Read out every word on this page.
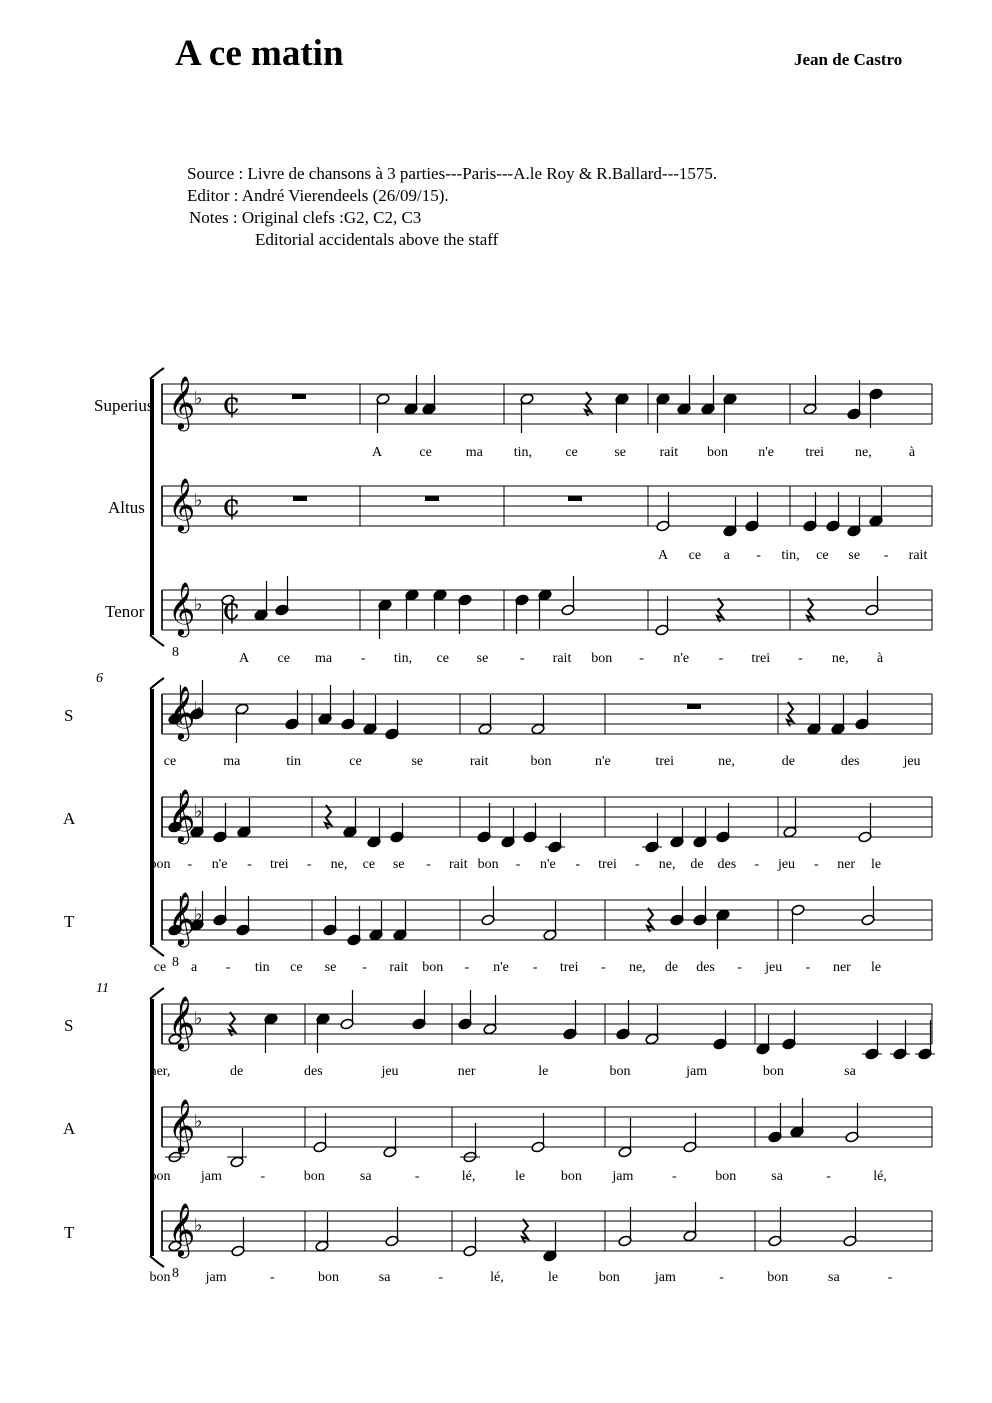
A ce matin	Jean de Castro
Source : Livre de chansons à 3 parties---Paris---A.le Roy & R.Ballard---1575.
Editor : André Vierendeels (26/09/15).
Notes : Original clefs :G2, C2, C3
Editorial accidentals above the staff
𝄞
♭ ¢
Superius
A	ce ma tin, ce	se rait bon n'e trei ne,	à
𝄞
♭ ¢
Altus
A ce a - tin, ce se - rait
𝄞
8
♭ ¢
Tenor
A ce ma - tin, ce se - rait bon - n'e - trei - ne, à
6
𝄞
♭
S
ce	ma	tin	ce	se	rait	bon	n'e	trei	ne,	de	des	jeu
𝄞
♭
A
bon - n'e - trei - ne, ce se - rait bon - n'e - trei - ne, de des - jeu - ner le
𝄞
8
♭
T
ce a - tin ce se - rait bon - n'e - trei - ne, de des - jeu - ner le
11
𝄞
♭
S
ner,	de	des	jeu	ner	le	bon	jam	bon	sa
𝄞
♭
A
bon jam	-	bon	sa	-	lé,	le	bon jam	-	bon	sa	-	lé,
𝄞
8
♭
T
bon	jam	-	bon	sa	-	lé,	le	bon	jam	-	bon	sa	-
